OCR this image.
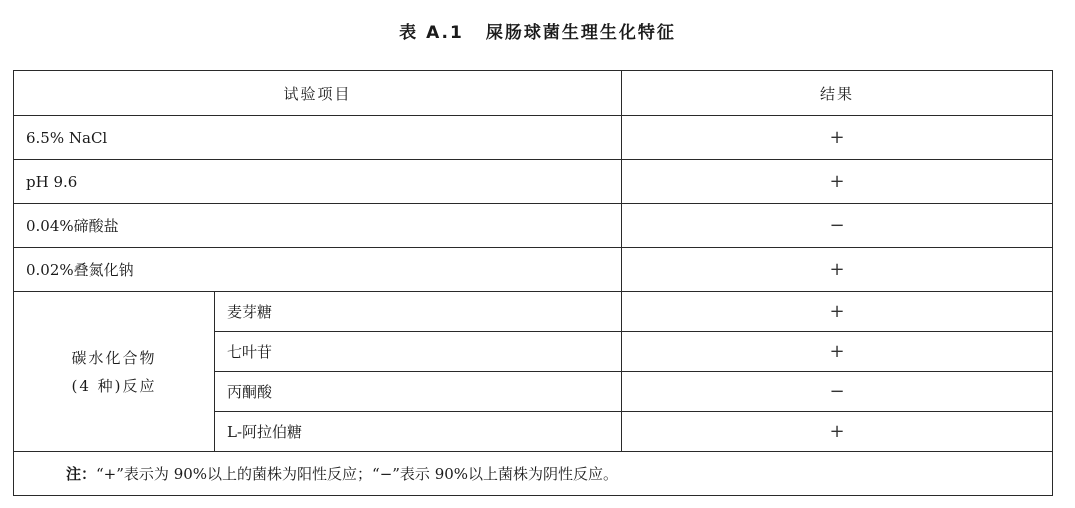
表 A.1 屎肠球菌生理生化特征
试验项目		结果
6.5% NaCl		+
pH 9.6		+
0.04%碲酸盐		−
0.02%叠氮化钠		+

碳水化合物
(4 种)反应	麦芽糖	+
	七叶苷	+
	丙酮酸	−
	L-阿拉伯糖	+
注：“+”表示为 90%以上的菌株为阳性反应；“−”表示 90%以上菌株为阴性反应。		
